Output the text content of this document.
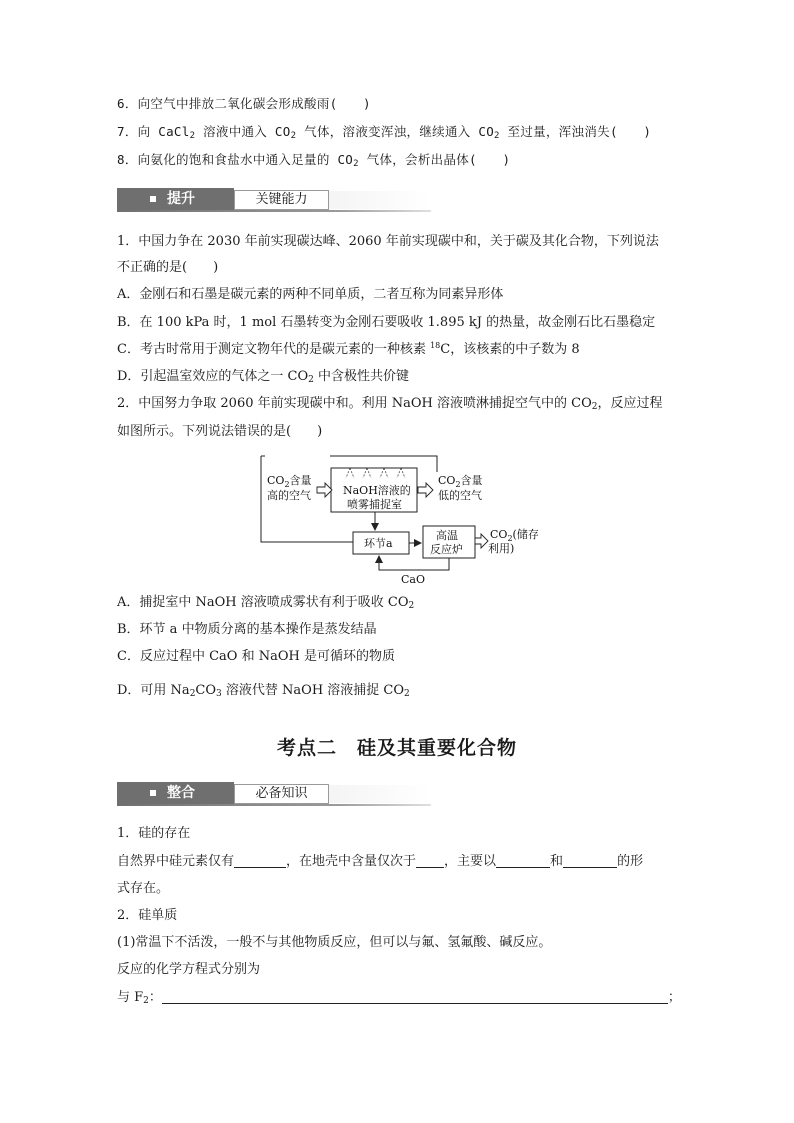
6．向空气中排放二氧化碳会形成酸雨(　　)
7．向 CaCl$_2$ 溶液中通入 $CO_2$ 气体，溶液变浑浊，继续通入 $CO_2$ 至过量，浑浊消失(　　)
8．向氨化的饱和食盐水中通入足量的 $CO_2$ 气体，会析出晶体(　　)
提升	关键能力
1．中国力争在 2030 年前实现碳达峰、2060 年前实现碳中和，关于碳及其化合物，下列说法
不正确的是(　　)
A．金刚石和石墨是碳元素的两种不同单质，二者互称为同素异形体
B．在 100 kPa 时，1 mol 石墨转变为金刚石要吸收 1.895 kJ 的热量，故金刚石比石墨稳定
C．考古时常用于测定文物年代的是碳元素的一种核素 $^{18}$C，该核素的中子数为 8
D．引起温室效应的气体之一 $CO_2$ 中含极性共价键
2．中国努力争取 2060 年前实现碳中和。利用 NaOH 溶液喷淋捕捉空气中的 $CO_2$，反应过程
如图所示。下列说法错误的是(　　)
NaOH溶液的
喷雾捕捉室
$CO_2$含量
高的空气
$CO_2$含量
低的空气
环节a
高温
反应炉
$CO_2$(储存
利用)
CaO
A．捕捉室中 NaOH 溶液喷成雾状有利于吸收 $CO_2$
B．环节 a 中物质分离的基本操作是蒸发结晶
C．反应过程中 CaO 和 NaOH 是可循环的物质
D．可用 $Na_2CO_3$ 溶液代替 NaOH 溶液捕捉 $CO_2$
考点二　硅及其重要化合物
整合	必备知识
1．硅的存在
自然界中硅元素仅有	，在地壳中含量仅次于 ，主要以	和	的形
式存在。
2．硅单质
(1)常温下不活泼，一般不与其他物质反应，但可以与氟、氢氟酸、碱反应。
反应的化学方程式分别为
与 $F_2$：	；
